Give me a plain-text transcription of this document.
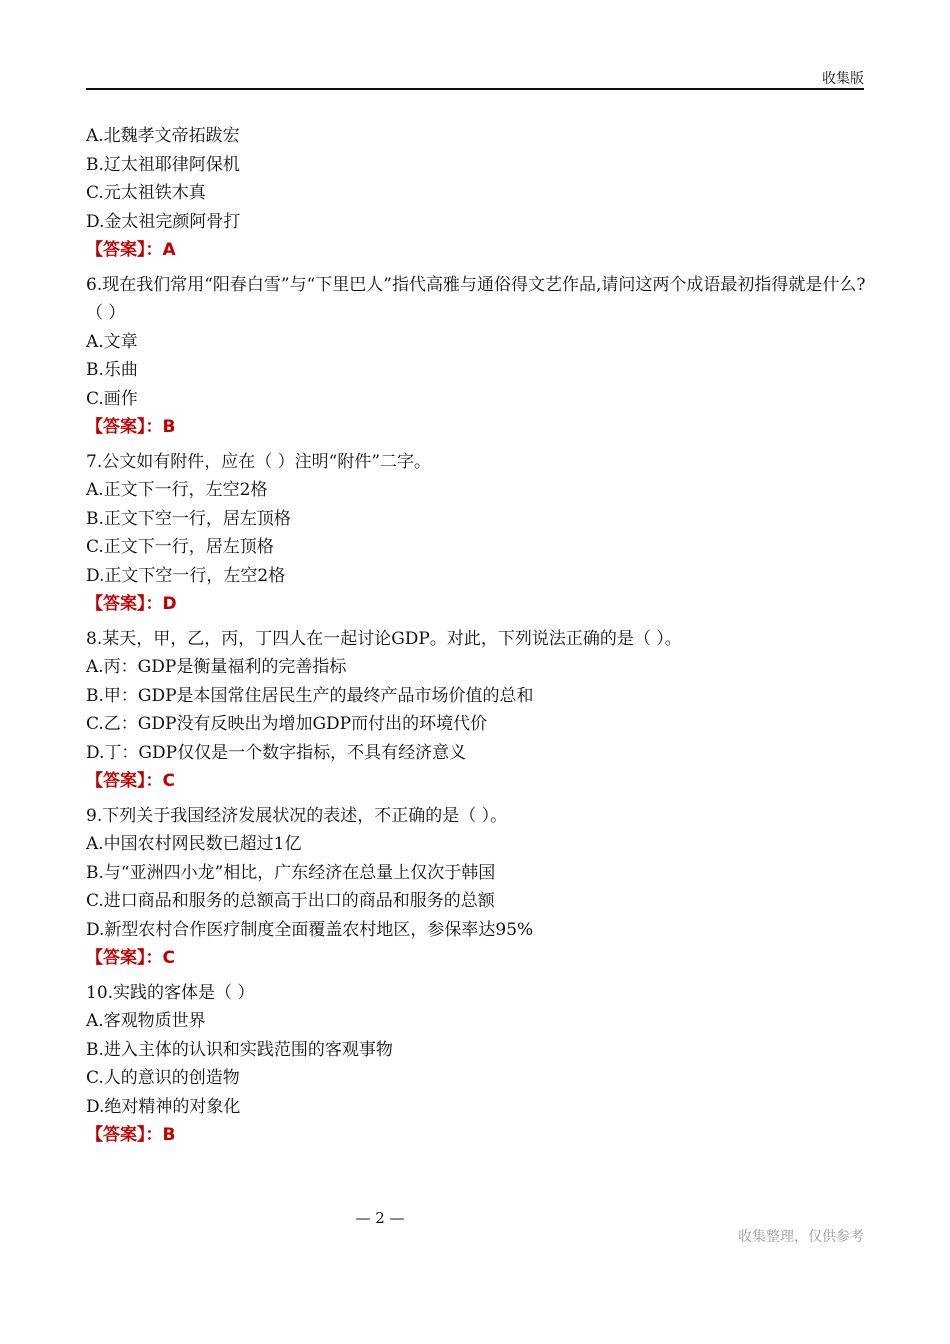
收集版
A.北魏孝文帝拓跋宏
B.辽太祖耶律阿保机
C.元太祖铁木真
D.金太祖完颜阿骨打
【答案】：A
6.现在我们常用“阳春白雪”与“下里巴人”指代高雅与通俗得文艺作品,请问这两个成语最初指得就是什么?（ ）
A.文章
B.乐曲
C.画作
【答案】：B
7.公文如有附件，应在（ ）注明“附件”二字。
A.正文下一行，左空2格
B.正文下空一行，居左顶格
C.正文下一行，居左顶格
D.正文下空一行，左空2格
【答案】：D
8.某天，甲，乙，丙，丁四人在一起讨论GDP。对此，下列说法正确的是（ ）。
A.丙：GDP是衡量福利的完善指标
B.甲：GDP是本国常住居民生产的最终产品市场价值的总和
C.乙：GDP没有反映出为增加GDP而付出的环境代价
D.丁：GDP仅仅是一个数字指标，不具有经济意义
【答案】：C
9.下列关于我国经济发展状况的表述，不正确的是（ ）。
A.中国农村网民数已超过1亿
B.与“亚洲四小龙”相比，广东经济在总量上仅次于韩国
C.进口商品和服务的总额高于出口的商品和服务的总额
D.新型农村合作医疗制度全面覆盖农村地区，参保率达95%
【答案】：C
10.实践的客体是（ ）
A.客观物质世界
B.进入主体的认识和实践范围的客观事物
C.人的意识的创造物
D.绝对精神的对象化
【答案】：B
— 2 —
收集整理，仅供参考
